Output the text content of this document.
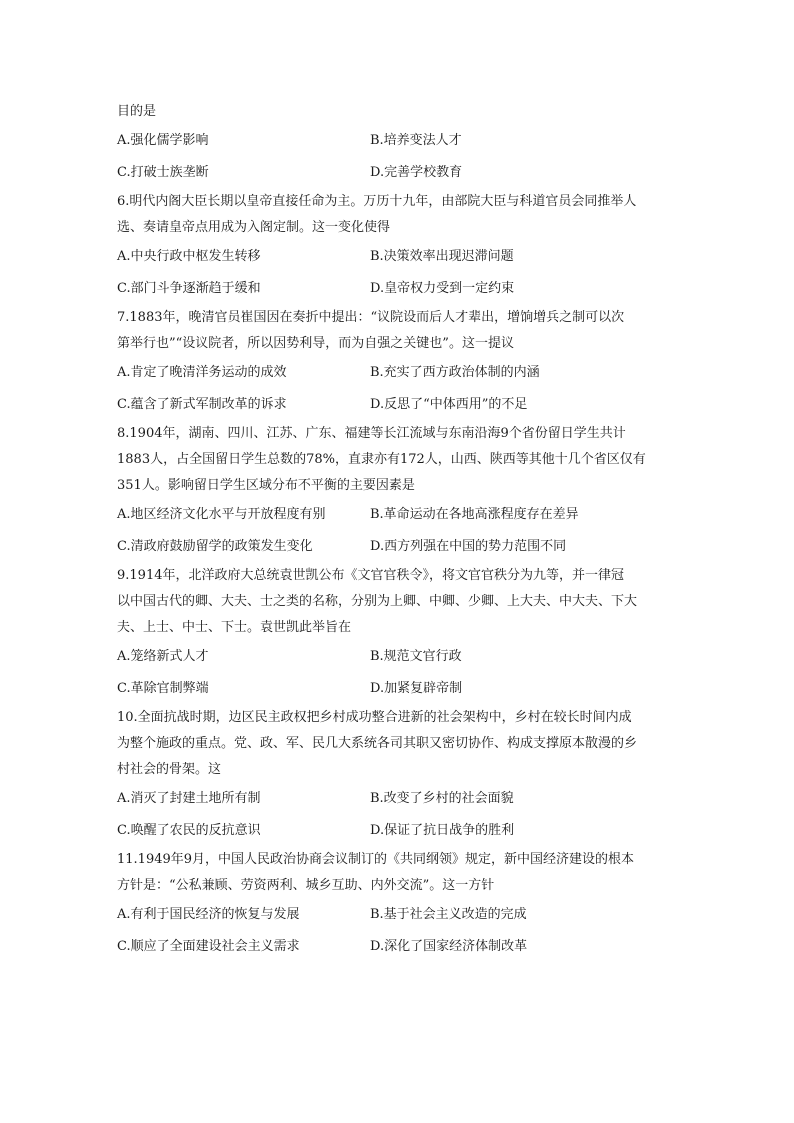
目的是
A.强化儒学影响	B.培养变法人才
C.打破士族垄断	D.完善学校教育
6.明代内阁大臣长期以皇帝直接任命为主。万历十九年，由部院大臣与科道官员会同推举人
选、奏请皇帝点用成为入阁定制。这一变化使得
A.中央行政中枢发生转移	B.决策效率出现迟滞问题
C.部门斗争逐渐趋于缓和	D.皇帝权力受到一定约束
7.1883年，晚清官员崔国因在奏折中提出：“议院设而后人才辈出，增饷增兵之制可以次
第举行也”“设议院者，所以因势利导，而为自强之关键也”。这一提议
A.肯定了晚清洋务运动的成效	B.充实了西方政治体制的内涵
C.蕴含了新式军制改革的诉求	D.反思了“中体西用”的不足
8.1904年，湖南、四川、江苏、广东、福建等长江流域与东南沿海9个省份留日学生共计
1883人，占全国留日学生总数的78%，直隶亦有172人，山西、陕西等其他十几个省区仅有
351人。影响留日学生区域分布不平衡的主要因素是
A.地区经济文化水平与开放程度有别	B.革命运动在各地高涨程度存在差异
C.清政府鼓励留学的政策发生变化	D.西方列强在中国的势力范围不同
9.1914年，北洋政府大总统袁世凯公布《文官官秩令》，将文官官秩分为九等，并一律冠
以中国古代的卿、大夫、士之类的名称，分别为上卿、中卿、少卿、上大夫、中大夫、下大
夫、上士、中士、下士。袁世凯此举旨在
A.笼络新式人才	B.规范文官行政
C.革除官制弊端	D.加紧复辟帝制
10.全面抗战时期，边区民主政权把乡村成功整合进新的社会架构中，乡村在较长时间内成
为整个施政的重点。党、政、军、民几大系统各司其职又密切协作、构成支撑原本散漫的乡
村社会的骨架。这
A.消灭了封建土地所有制	B.改变了乡村的社会面貌
C.唤醒了农民的反抗意识	D.保证了抗日战争的胜利
11.1949年9月，中国人民政治协商会议制订的《共同纲领》规定，新中国经济建设的根本
方针是：“公私兼顾、劳资两利、城乡互助、内外交流”。这一方针
A.有利于国民经济的恢复与发展	B.基于社会主义改造的完成
C.顺应了全面建设社会主义需求	D.深化了国家经济体制改革
